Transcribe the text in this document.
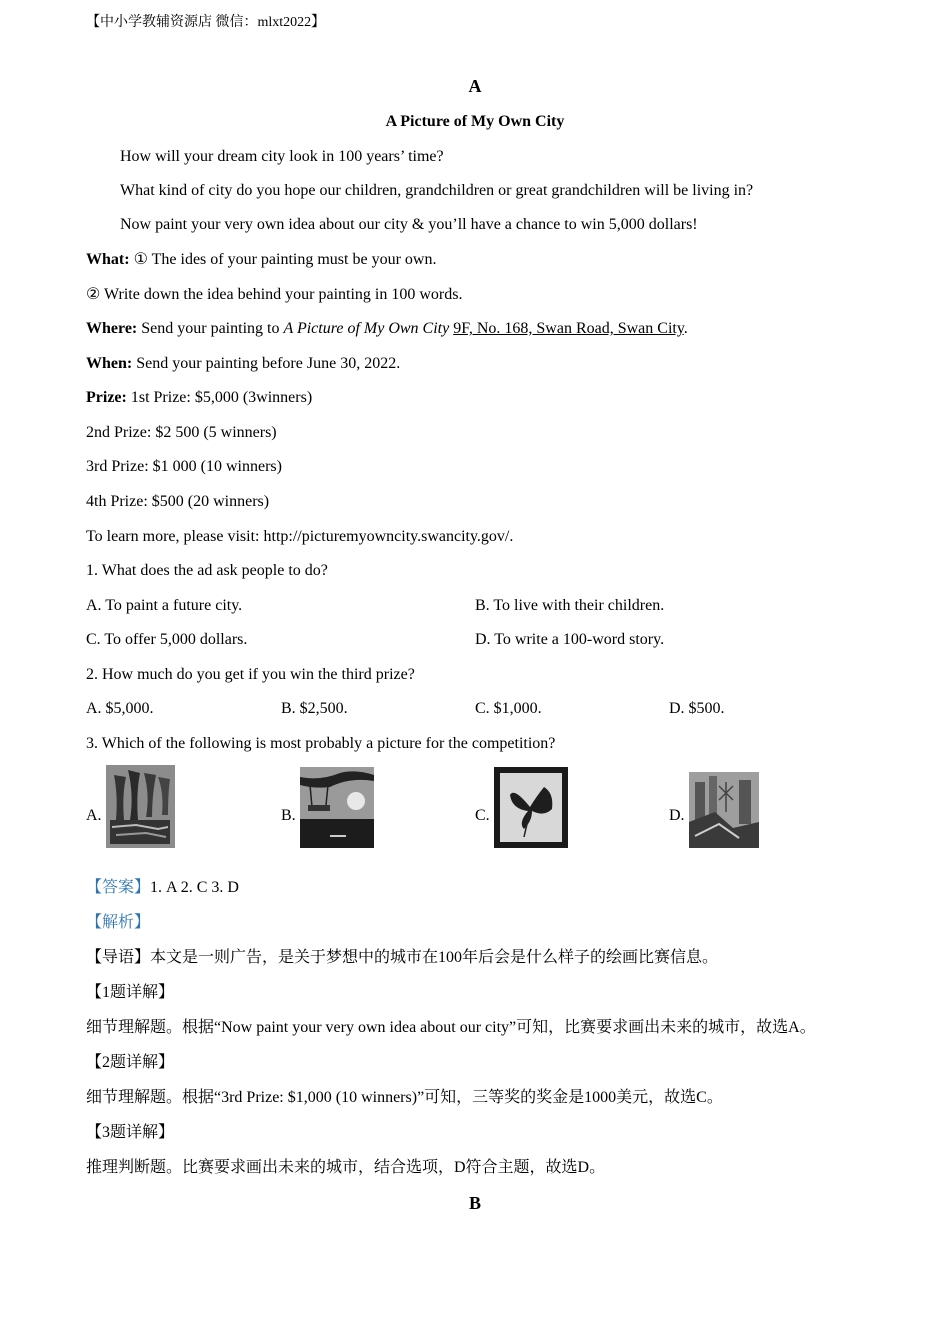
【中小学教辅资源店 微信：mlxt2022】
A
A Picture of My Own City
How will your dream city look in 100 years’ time?
What kind of city do you hope our children, grandchildren or great grandchildren will be living in?
Now paint your very own idea about our city & you’ll have a chance to win 5,000 dollars!
What: ① The ides of your painting must be your own.
② Write down the idea behind your painting in 100 words.
Where: Send your painting to A Picture of My Own City 9F, No. 168, Swan Road, Swan City.
When: Send your painting before June 30, 2022.
Prize: 1st Prize: $5,000 (3winners)
2nd Prize: $2 500 (5 winners)
3rd Prize: $1 000 (10 winners)
4th Prize: $500 (20 winners)
To learn more, please visit: http://picturemyowncity.swancity.gov/.
1. What does the ad ask people to do?
A. To paint a future city.	B. To live with their children.
C. To offer 5,000 dollars.	D. To write a 100-word story.
2. How much do you get if you win the third prize?
A. $5,000.	B. $2,500.	C. $1,000.	D. $500.
3. Which of the following is most probably a picture for the competition?
A.	B.	C.	D.
【答案】1. A 2. C 3. D
【解析】
【导语】本文是一则广告，是关于梦想中的城市在100年后会是什么样子的绘画比赛信息。
【1题详解】
细节理解题。根据“Now paint your very own idea about our city”可知，比赛要求画出未来的城市，故选A。
【2题详解】
细节理解题。根据“3rd Prize: $1,000 (10 winners)”可知，三等奖的奖金是1000美元，故选C。
【3题详解】
推理判断题。比赛要求画出未来的城市，结合选项，D符合主题，故选D。
B
